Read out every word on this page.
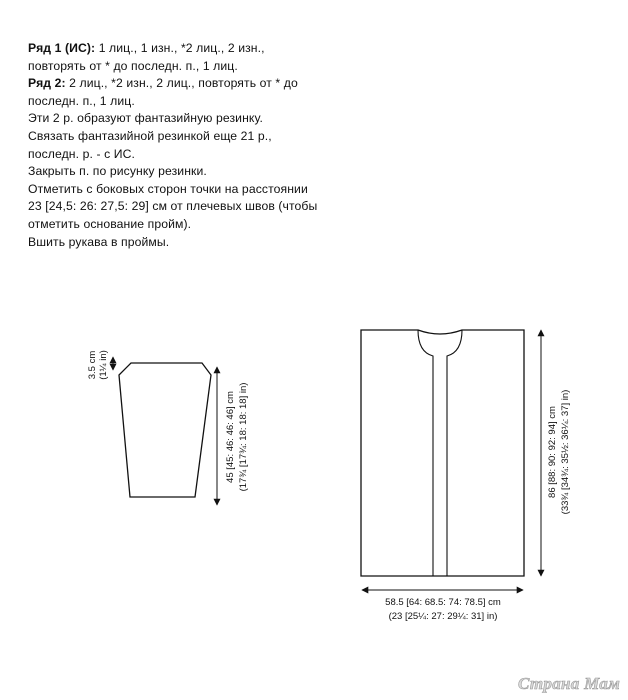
Ряд 1 (ИС): 1 лиц., 1 изн., *2 лиц., 2 изн.,

повторять от * до последн. п., 1 лиц.

Ряд 2: 2 лиц., *2 изн., 2 лиц., повторять от * до

последн. п., 1 лиц.

Эти 2 р. образуют фантазийную резинку.

Связать фантазийной резинкой еще 21 р.,

последн. р. - с ИС.

Закрыть п. по рисунку резинки.

Отметить с боковых сторон точки на расстоянии

23 [24,5: 26: 27,5: 29] см от плечевых швов (чтобы

отметить основание пройм).

Вшить рукава в проймы.

3.5 cm (1¼ in)
45 [45: 46: 46: 46] cm (17¾ [17¾: 18: 18: 18] in)	86 [88: 90: 92: 94] cm (33¾ [34¾: 35½: 36¼: 37] in)
58.5 [64: 68.5: 74: 78.5] cm
(23 [25¼: 27: 29¼: 31] in)
Страна Мам
